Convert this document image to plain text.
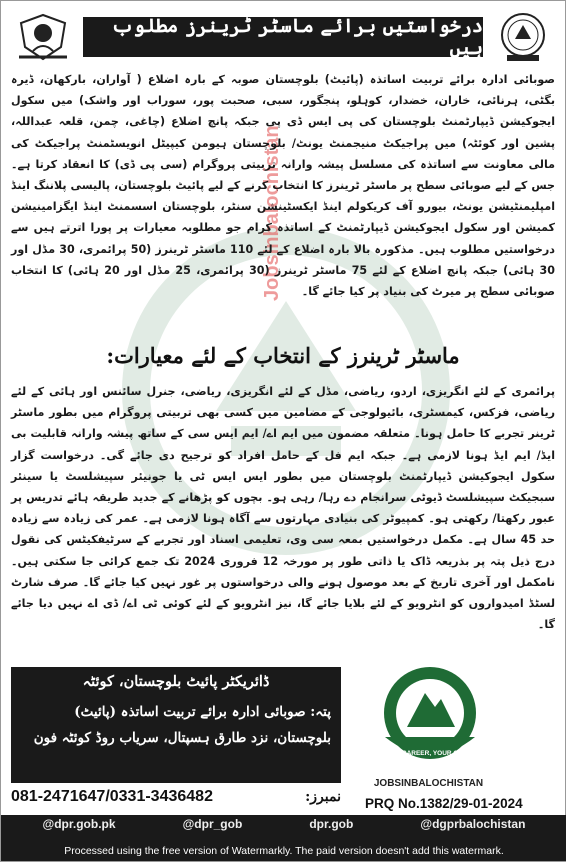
درخواستیں برائے ماسٹر ٹرینرز مطلوب ہیں
Jobsinbalochistan
صوبائی ادارہ برائے تربیت اساتذہ (پائیٹ) بلوچستان صوبہ کے بارہ اضلاع ( آواران، بارکھان، ڈیرہ بگٹی، ہرنائی، خاران، خضدار، کوہلو، پنجگور، سبی، صحبت پور، سوراب اور واشک) میں سکول ایجوکیشن ڈیپارٹمنٹ بلوچستان کی پی ایس ڈی پی جبکہ پانچ اضلاع (چاغی، چمن، قلعہ عبداللہ، پشین اور کوئٹہ) میں پراجیکٹ منیجمنٹ یونٹ/ بلوچستان ہیومن کیپیٹل انویسٹمنٹ پراجیکٹ کی مالی معاونت سے اساتذہ کی مسلسل پیشہ وارانہ تربیتی پروگرام (سی پی ڈی) کا انعقاد کرتا ہے۔ جس کے لیے صوبائی سطح پر ماسٹر ٹرینرز کا انتخاب کرنے کے لیے پائیٹ بلوچستان، پالیسی پلاننگ اینڈ امپلیمنٹیشن یونٹ، بیورو آف کریکولم اینڈ ایکسٹینشن سنٹر، بلوچستان اسسمنٹ اینڈ ایگزامینیشن کمیشن اور سکول ایجوکیشن ڈیپارٹمنٹ کے اساتذہ کرام جو مطلوبہ معیارات پر پورا اترتے ہیں سے درخواستیں مطلوب ہیں۔ مذکورہ بالا بارہ اضلاع کے لئے 110 ماسٹر ٹرینرز (50 پرائمری، 30 مڈل اور 30 ہائی) جبکہ پانچ اضلاع کے لئے 75 ماسٹر ٹرینرز (30 پرائمری، 25 مڈل اور 20 ہائی) کا انتخاب صوبائی سطح پر میرٹ کی بنیاد پر کیا جائے گا۔
ماسٹر ٹرینرز کے انتخاب کے لئے معیارات:
پرائمری کے لئے انگریزی، اردو، ریاضی، مڈل کے لئے انگریزی، ریاضی، جنرل سائنس اور ہائی کے لئے ریاضی، فزکس، کیمسٹری، بائیولوجی کے مضامین میں کسی بھی تربیتی پروگرام میں بطور ماسٹر ٹرینر تجربے کا حامل ہونا۔ متعلقہ مضمون میں ایم اے/ ایم ایس سی کے ساتھ پیشہ وارانہ قابلیت بی ایڈ/ ایم ایڈ ہونا لازمی ہے۔ جبکہ ایم فل کے حامل افراد کو ترجیح دی جائے گی۔ درخواست گزار سکول ایجوکیشن ڈیپارٹمنٹ بلوچستان میں بطور ایس ایس ٹی یا جونیئر سپیشلسٹ یا سینئر سبجیکٹ سپیشلسٹ ڈیوٹی سرانجام دے رہا/ رہی ہو۔ بچوں کو پڑھانے کے جدید طریقہ ہائے تدریس پر عبور رکھتا/ رکھتی ہو۔ کمپیوٹر کی بنیادی مہارتوں سے آگاہ ہونا لازمی ہے۔ عمر کی زیادہ سے زیادہ حد 45 سال ہے۔ مکمل درخواستیں بمعہ سی وی، تعلیمی اسناد اور تجربے کے سرٹیفکیٹس کی نقول درج ذیل پتہ پر بذریعہ ڈاک یا ذاتی طور پر مورخہ 12 فروری 2024 تک جمع کرائی جا سکتی ہیں۔ نامکمل اور آخری تاریخ کے بعد موصول ہونے والی درخواستوں پر غور نہیں کیا جائے گا۔ صرف شارٹ لسٹڈ امیدواروں کو انٹرویو کے لئے بلایا جائے گا، نیز انٹرویو کے لئے کوئی ٹی اے/ ڈی اے نہیں دیا جائے گا۔
ڈائریکٹر پائیٹ بلوچستان، کوئٹہ
پتہ: صوبائی ادارہ برائے تربیت اساتذہ (پائیٹ)
بلوچستان، نزد طارق ہسپتال، سریاب روڈ کوئٹہ فون
نمبرز:
081-2471647/0331-3436482
YOUR CAREER, YOUR CHOICE
JOBSINBALOCHISTAN
PRQ No.1382/29-01-2024
@dpr.gob.pk	@dpr_gob	dpr.gob	@dgprbalochistan
Processed using the free version of Watermarkly. The paid version doesn't add this watermark.
